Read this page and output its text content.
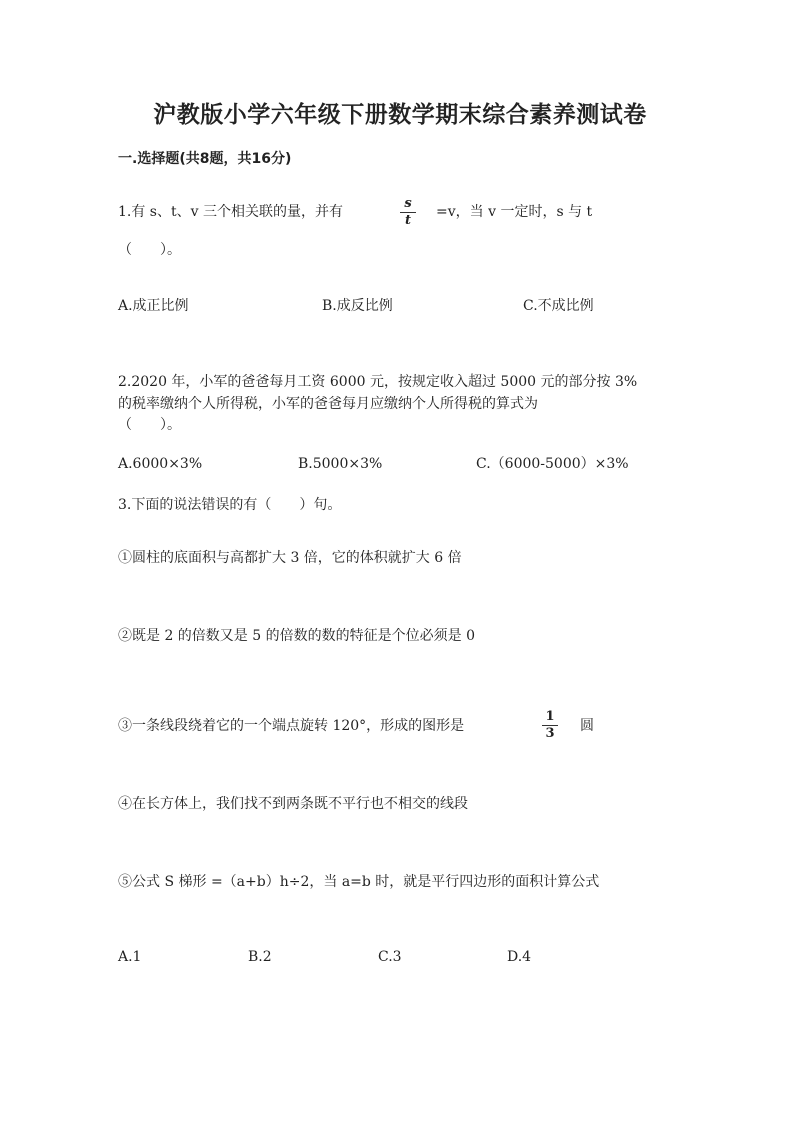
沪教版小学六年级下册数学期末综合素养测试卷
一.选择题(共8题，共16分)
1.有 s、t、v 三个相关联的量，并有
s
t
=v，当 v 一定时，s 与 t
（　　）。
A.成正比例	B.成反比例	C.不成比例
2.2020 年，小军的爸爸每月工资 6000 元，按规定收入超过 5000 元的部分按 3%
的税率缴纳个人所得税，小军的爸爸每月应缴纳个人所得税的算式为
（　　）。
A.6000×3%	B.5000×3%	C.（6000-5000）×3%
3.下面的说法错误的有（　　）句。
①圆柱的底面积与高都扩大 3 倍，它的体积就扩大 6 倍
②既是 2 的倍数又是 5 的倍数的数的特征是个位必须是 0
③一条线段绕着它的一个端点旋转 120°，形成的图形是
1
3 圆
④在长方体上，我们找不到两条既不平行也不相交的线段
⑤公式 S 梯形 =（a+b）h÷2，当 a=b 时，就是平行四边形的面积计算公式
A.1	B.2	C.3	D.4
